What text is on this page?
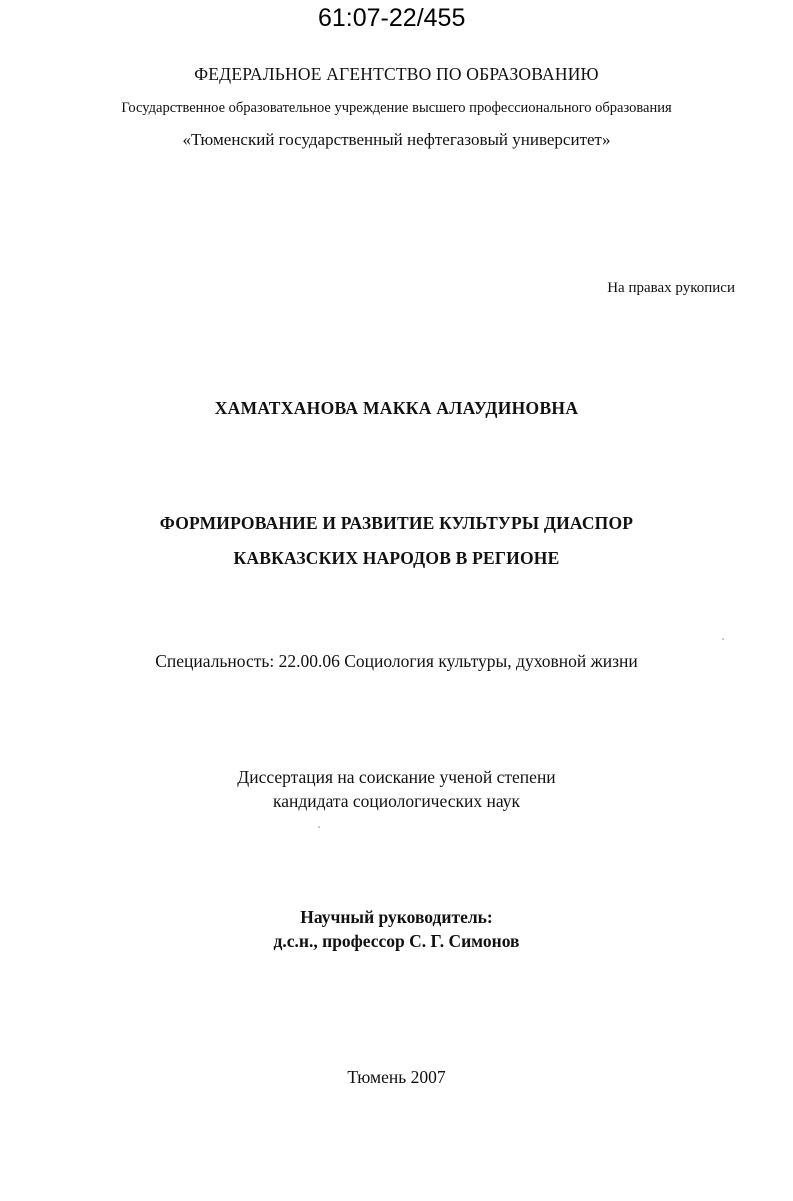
61:07-22/455
ФЕДЕРАЛЬНОЕ АГЕНТСТВО ПО ОБРАЗОВАНИЮ
Государственное образовательное учреждение высшего профессионального образования
«Тюменский государственный нефтегазовый университет»
На правах рукописи
ХАМАТХАНОВА МАККА АЛАУДИНОВНА
ФОРМИРОВАНИЕ И РАЗВИТИЕ КУЛЬТУРЫ ДИАСПОР
КАВКАЗСКИХ НАРОДОВ В РЕГИОНЕ
Специальность: 22.00.06 Социология культуры, духовной жизни
Диссертация на соискание ученой степени
кандидата социологических наук
Научный руководитель:
д.с.н., профессор С. Г. Симонов
Тюмень 2007
